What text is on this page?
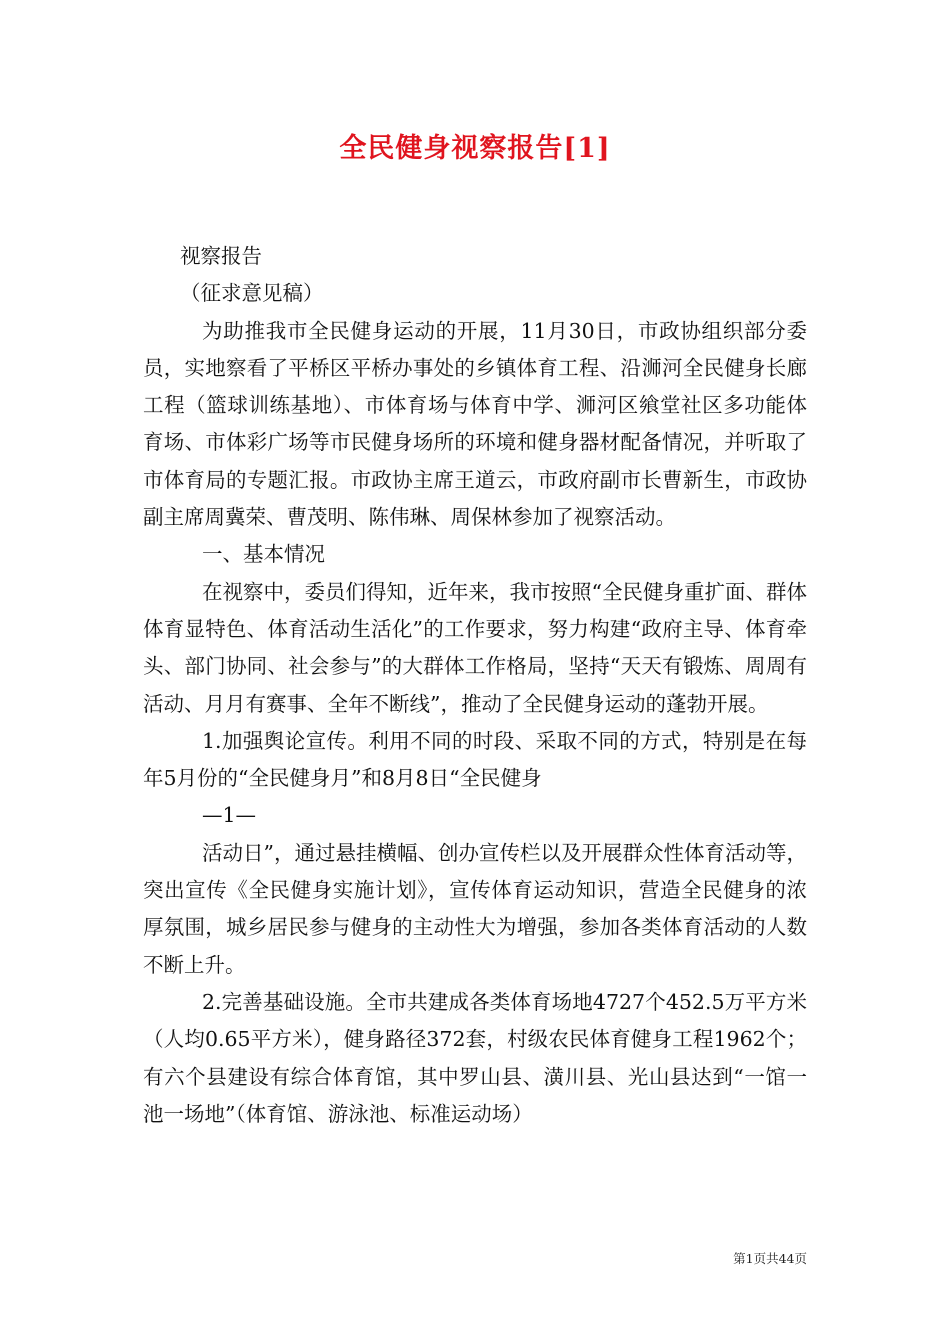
全民健身视察报告[1]

视察报告

（征求意见稿）

为助推我市全民健身运动的开展，11月30日，市政协组织部分委员，实地察看了平桥区平桥办事处的乡镇体育工程、沿浉河全民健身长廊工程（篮球训练基地）、市体育场与体育中学、浉河区飨堂社区多功能体育场、市体彩广场等市民健身场所的环境和健身器材配备情况，并听取了市体育局的专题汇报。市政协主席王道云，市政府副市长曹新生，市政协副主席周冀荣、曹茂明、陈伟琳、周保林参加了视察活动。

一、基本情况

在视察中，委员们得知，近年来，我市按照“全民健身重扩面、群体体育显特色、体育活动生活化”的工作要求，努力构建“政府主导、体育牵头、部门协同、社会参与”的大群体工作格局，坚持“天天有锻炼、周周有活动、月月有赛事、全年不断线”，推动了全民健身运动的蓬勃开展。

1.加强舆论宣传。利用不同的时段、采取不同的方式，特别是在每年5月份的“全民健身月”和8月8日“全民健身

—1—

活动日”，通过悬挂横幅、创办宣传栏以及开展群众性体育活动等，突出宣传《全民健身实施计划》，宣传体育运动知识，营造全民健身的浓厚氛围，城乡居民参与健身的主动性大为增强，参加各类体育活动的人数不断上升。

2.完善基础设施。全市共建成各类体育场地4727个452.5万平方米（人均0.65平方米），健身路径372套，村级农民体育健身工程1962个；有六个县建设有综合体育馆，其中罗山县、潢川县、光山县达到“一馆一池一场地”（体育馆、游泳池、标准运动场）

第1页共44页
